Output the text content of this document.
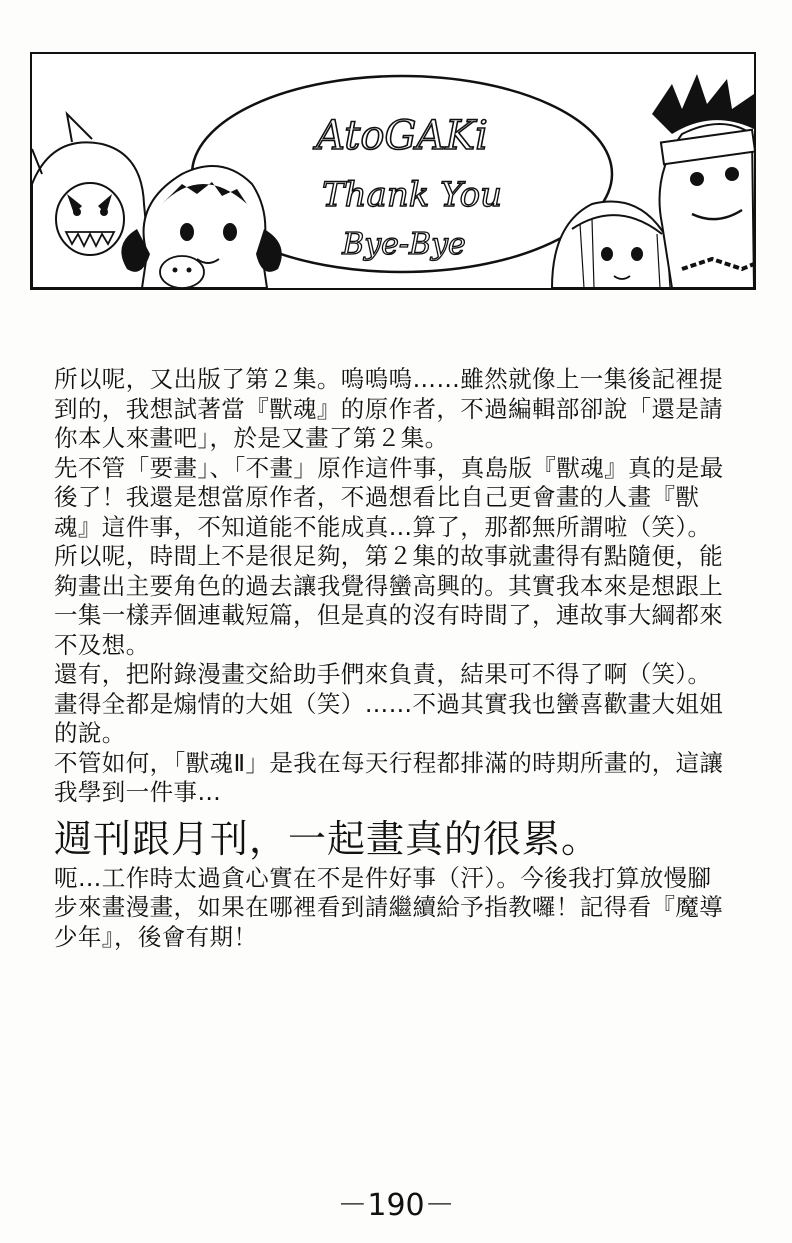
AtoGAKi
Thank You
Bye-Bye

所以呢，又出版了第２集。嗚嗚嗚……雖然就像上一集後記裡提到的，我想試著當『獸魂』的原作者，不過編輯部卻說「還是請你本人來畫吧」，於是又畫了第２集。

先不管「要畫」、「不畫」原作這件事，真島版『獸魂』真的是最後了！我還是想當原作者，不過想看比自己更會畫的人畫『獸魂』這件事，不知道能不能成真…算了，那都無所謂啦（笑）。

所以呢，時間上不是很足夠，第２集的故事就畫得有點隨便，能夠畫出主要角色的過去讓我覺得蠻高興的。其實我本來是想跟上一集一樣弄個連載短篇，但是真的沒有時間了，連故事大綱都來不及想。

還有，把附錄漫畫交給助手們來負責，結果可不得了啊（笑）。畫得全都是煽情的大姐（笑）……不過其實我也蠻喜歡畫大姐姐的說。

不管如何，「獸魂Ⅱ」是我在每天行程都排滿的時期所畫的，這讓我學到一件事…

週刊跟月刊，一起畫真的很累。

呃…工作時太過貪心實在不是件好事（汗）。今後我打算放慢腳步來畫漫畫，如果在哪裡看到請繼續給予指教囉！記得看『魔導少年』，後會有期！

－190－
